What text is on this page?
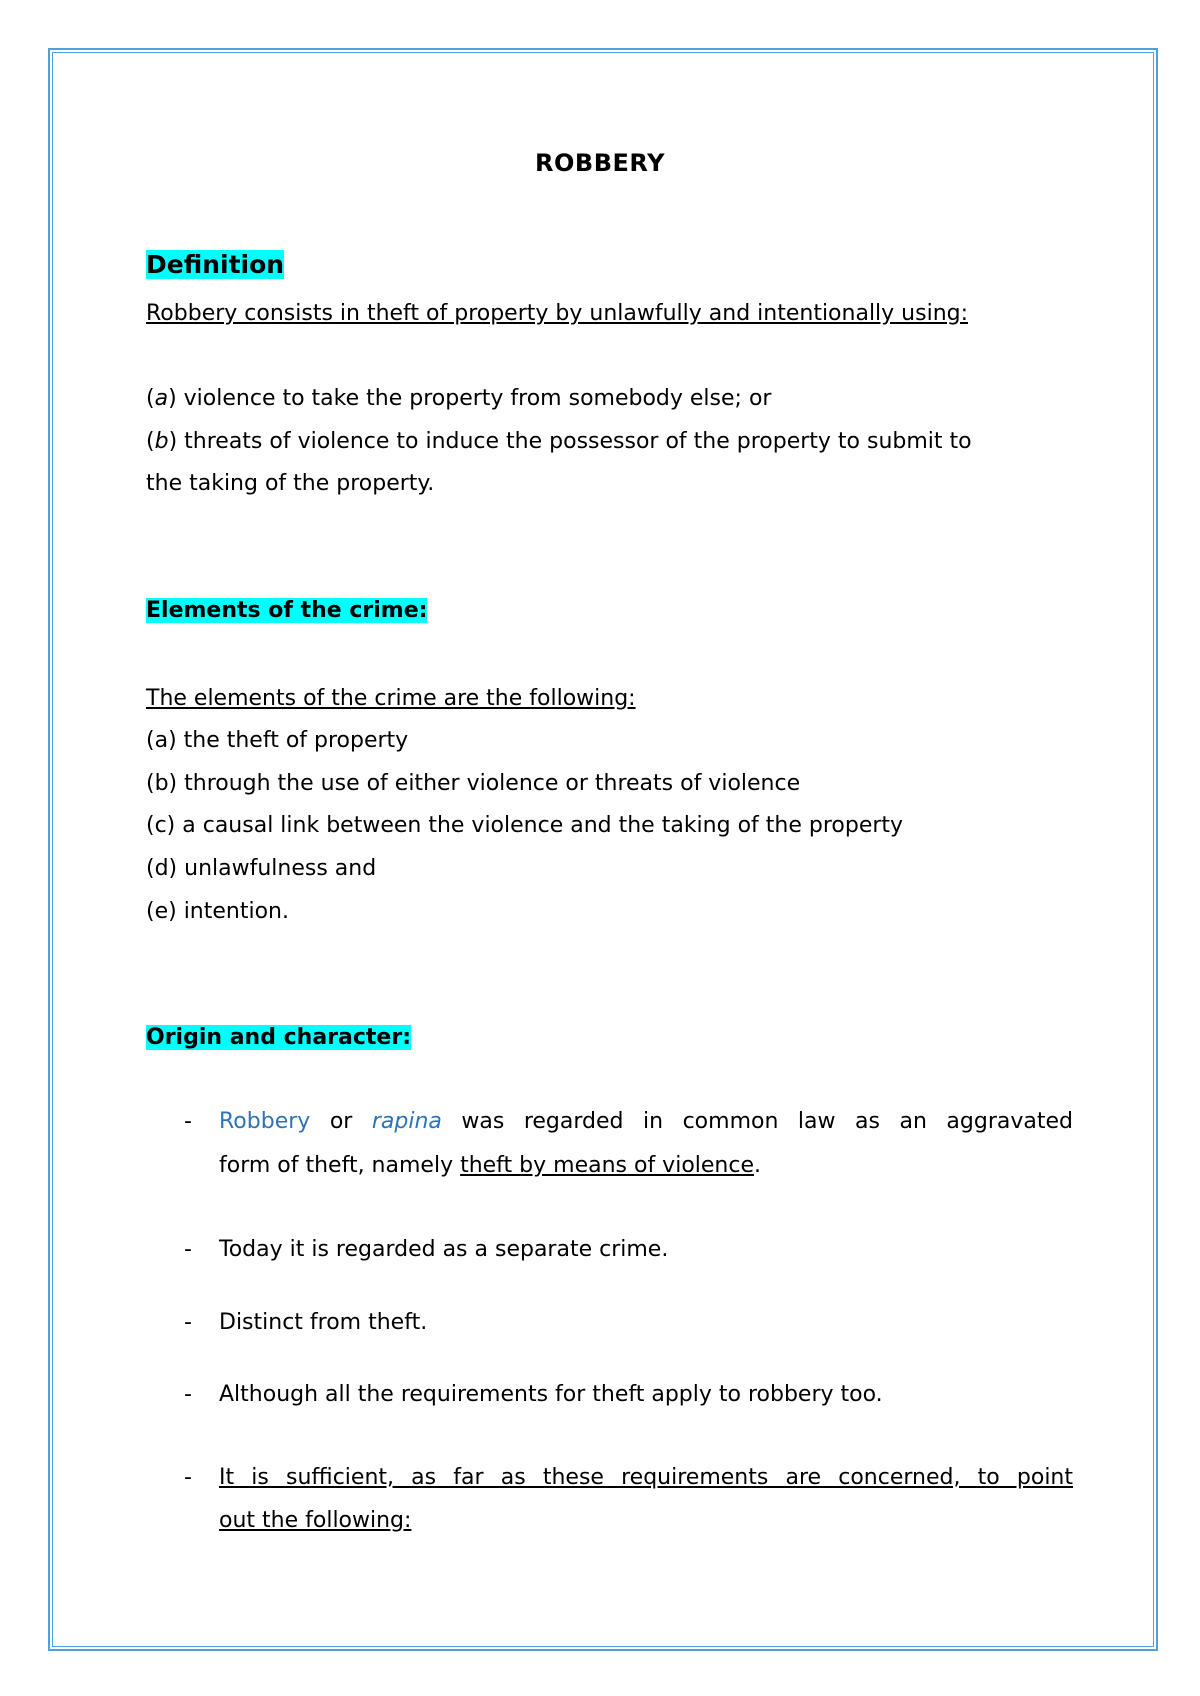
ROBBERY
Definition
Robbery consists in theft of property by unlawfully and intentionally using:
(a) violence to take the property from somebody else; or
(b) threats of violence to induce the possessor of the property to submit to
the taking of the property.
Elements of the crime:
The elements of the crime are the following:
(a) the theft of property
(b) through the use of either violence or threats of violence
(c) a causal link between the violence and the taking of the property
(d) unlawfulness and
(e) intention.
Origin and character:
- Robbery or rapina was regarded in common law as an aggravated
form of theft, namely theft by means of violence.
- Today it is regarded as a separate crime.
- Distinct from theft.
- Although all the requirements for theft apply to robbery too.
- It is sufficient, as far as these requirements are concerned, to point
out the following:
